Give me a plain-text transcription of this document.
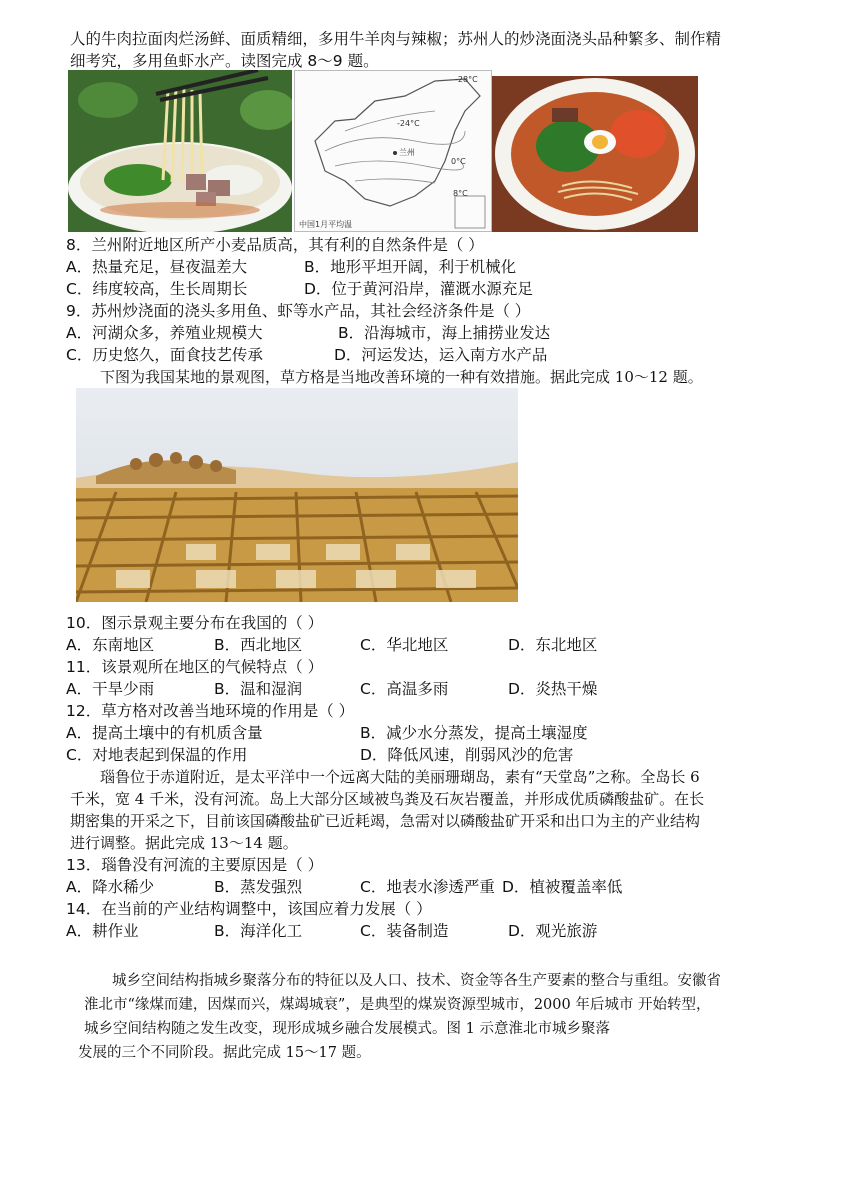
人的牛肉拉面肉烂汤鲜、面质精细，多用牛羊肉与辣椒；苏州人的炒浇面浇头品种繁多、制作精
细考究，多用鱼虾水产。读图完成 8～9 题。
-28°C
-24°C
兰州
0°C
8°C
中国1月平均温
8．兰州附近地区所产小麦品质高，其有利的自然条件是（ ）
A．热量充足，昼夜温差大	B．地形平坦开阔，利于机械化
C．纬度较高，生长周期长	D．位于黄河沿岸，灌溉水源充足
9．苏州炒浇面的浇头多用鱼、虾等水产品，其社会经济条件是（ ）
A．河湖众多，养殖业规模大	B．沿海城市，海上捕捞业发达
C．历史悠久，面食技艺传承	D．河运发达，运入南方水产品
下图为我国某地的景观图，草方格是当地改善环境的一种有效措施。据此完成 10～12 题。
10．图示景观主要分布在我国的（ ）
A．东南地区	B．西北地区	C．华北地区	D．东北地区
11．该景观所在地区的气候特点（ ）
A．干旱少雨	B．温和湿润	C．高温多雨	D．炎热干燥
12．草方格对改善当地环境的作用是（ ）
A．提高土壤中的有机质含量	B．减少水分蒸发，提高土壤湿度
C．对地表起到保温的作用	D．降低风速，削弱风沙的危害
瑙鲁位于赤道附近，是太平洋中一个远离大陆的美丽珊瑚岛，素有“天堂岛”之称。全岛长 6
千米，宽 4 千米，没有河流。岛上大部分区域被鸟粪及石灰岩覆盖，并形成优质磷酸盐矿。在长
期密集的开采之下，目前该国磷酸盐矿已近耗竭，急需对以磷酸盐矿开采和出口为主的产业结构
进行调整。据此完成 13～14 题。
13．瑙鲁没有河流的主要原因是（ ）
A．降水稀少	B．蒸发强烈	C．地表水渗透严重 D．植被覆盖率低
14．在当前的产业结构调整中，该国应着力发展（ ）
A．耕作业	B．海洋化工	C．装备制造	D．观光旅游
城乡空间结构指城乡聚落分布的特征以及人口、技术、资金等各生产要素的整合与重组。安徽省
淮北市“缘煤而建，因煤而兴，煤竭城衰”，是典型的煤炭资源型城市，2000 年后城市 开始转型，
城乡空间结构随之发生改变，现形成城乡融合发展模式。图 1 示意淮北市城乡聚落
发展的三个不同阶段。据此完成 15～17 题。
